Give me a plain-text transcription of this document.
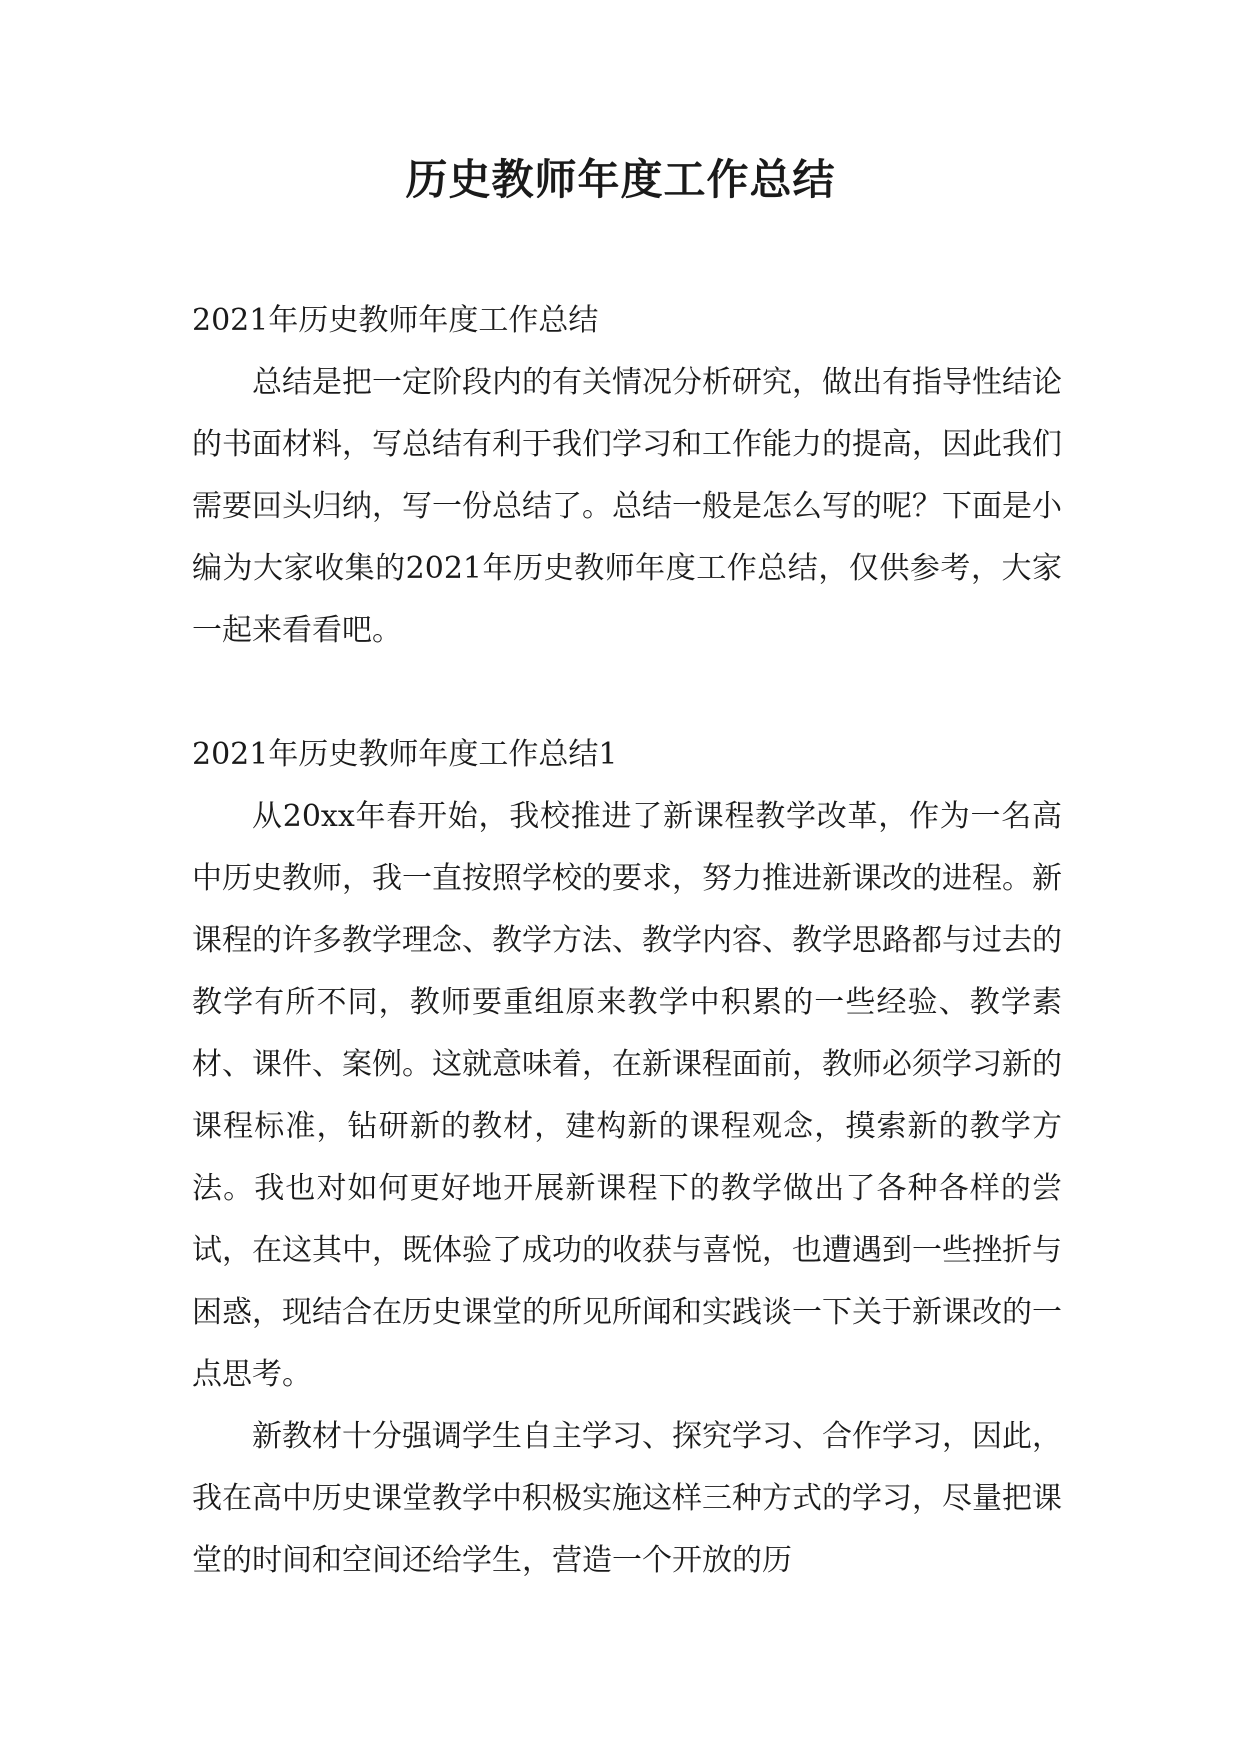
历史教师年度工作总结

2021年历史教师年度工作总结

总结是把一定阶段内的有关情况分析研究，做出有指导性结论的书面材料，写总结有利于我们学习和工作能力的提高，因此我们需要回头归纳，写一份总结了。总结一般是怎么写的呢？下面是小编为大家收集的2021年历史教师年度工作总结，仅供参考，大家一起来看看吧。

2021年历史教师年度工作总结1

从20xx年春开始，我校推进了新课程教学改革，作为一名高中历史教师，我一直按照学校的要求，努力推进新课改的进程。新课程的许多教学理念、教学方法、教学内容、教学思路都与过去的教学有所不同，教师要重组原来教学中积累的一些经验、教学素材、课件、案例。这就意味着，在新课程面前，教师必须学习新的课程标准，钻研新的教材，建构新的课程观念，摸索新的教学方法。我也对如何更好地开展新课程下的教学做出了各种各样的尝试，在这其中，既体验了成功的收获与喜悦，也遭遇到一些挫折与困惑，现结合在历史课堂的所见所闻和实践谈一下关于新课改的一点思考。

新教材十分强调学生自主学习、探究学习、合作学习，因此，我在高中历史课堂教学中积极实施这样三种方式的学习，尽量把课堂的时间和空间还给学生，营造一个开放的历
